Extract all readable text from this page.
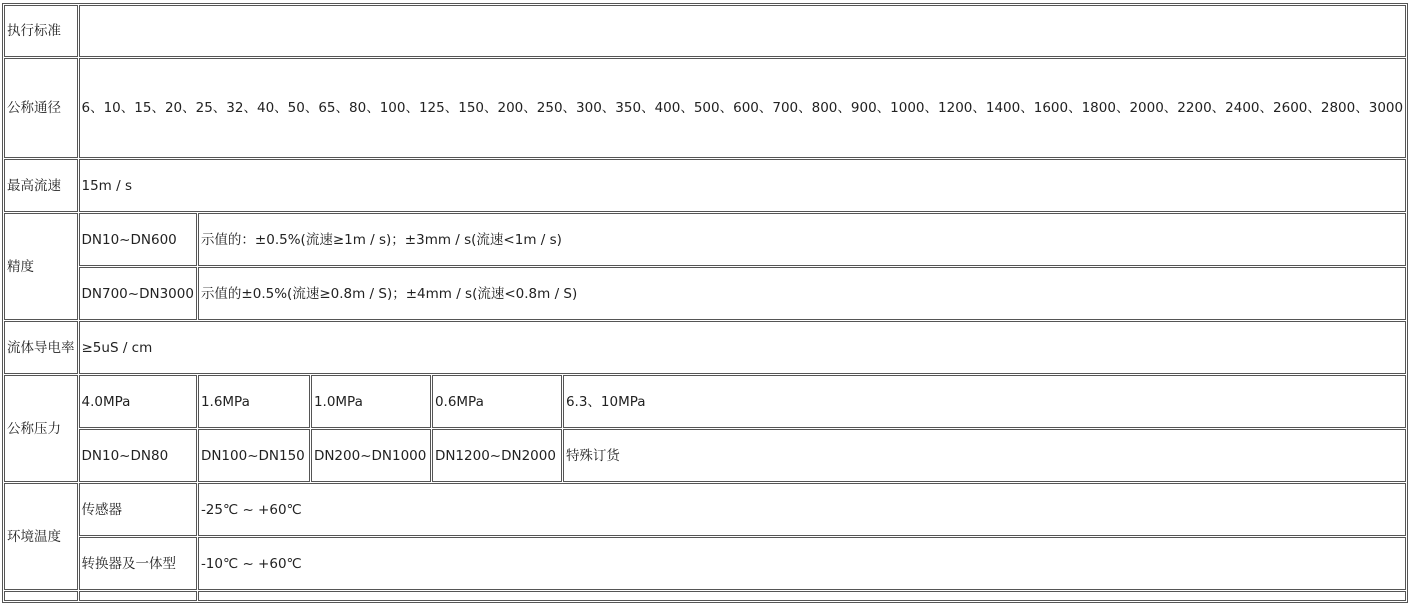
执行标准					
公称通径	6、10、15、20、25、32、40、50、65、80、100、125、150、200、250、300、350、400、500、600、700、800、900、1000、1200、1400、1600、1800、2000、2200、2400、2600、2800、3000				
最高流速	15m / s				
精度	DN10~DN600	示值的：±0.5%(流速≥1m / s)；±3mm / s(流速<1m / s)			
	DN700~DN3000	示值的±0.5%(流速≥0.8m / S)；±4mm / s(流速<0.8m / S)			
流体导电率	≥5uS / cm				
公称压力	4.0MPa	1.6MPa	1.0MPa	0.6MPa	6.3、10MPa
	DN10~DN80	DN100~DN150	DN200~DN1000	DN1200~DN2000	特殊订货
环境温度	传感器	-25℃ ~ +60℃			
	转换器及一体型	-10℃ ~ +60℃			
